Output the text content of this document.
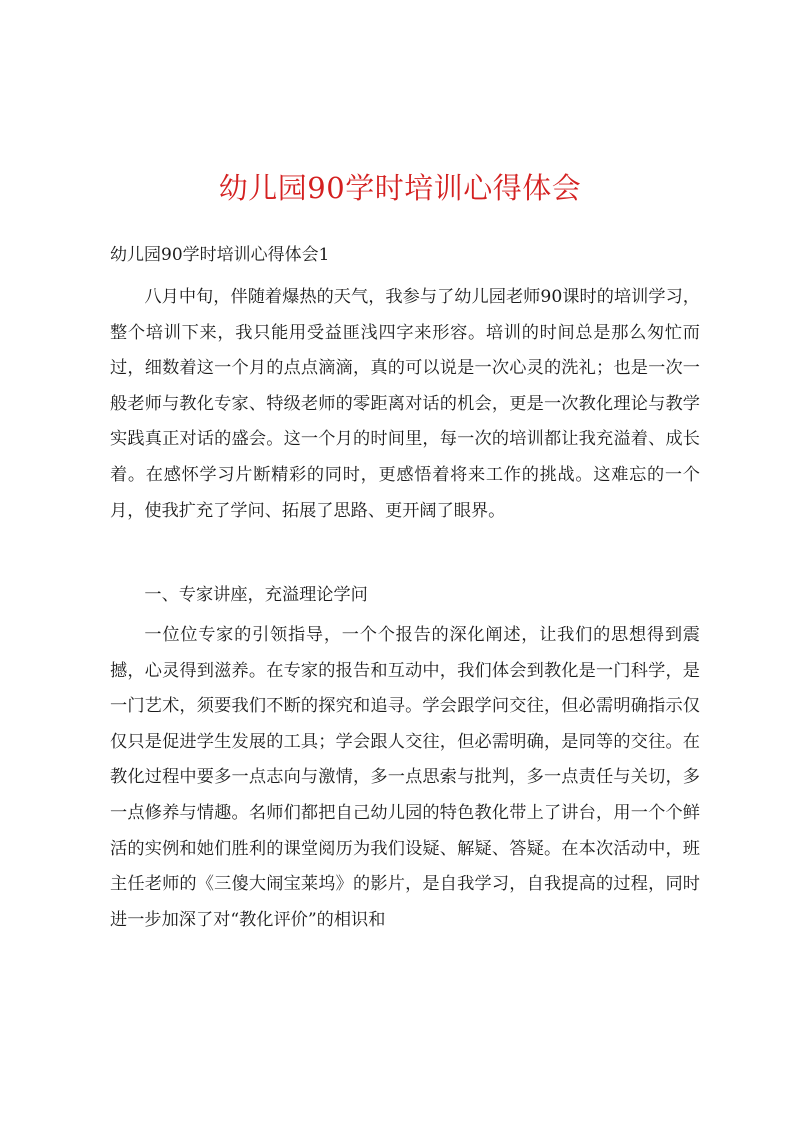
幼儿园90学时培训心得体会
幼儿园90学时培训心得体会1

八月中旬，伴随着爆热的天气，我参与了幼儿园老师90课时的培训学习，整个培训下来，我只能用受益匪浅四字来形容。培训的时间总是那么匆忙而过，细数着这一个月的点点滴滴，真的可以说是一次心灵的洗礼；也是一次一般老师与教化专家、特级老师的零距离对话的机会，更是一次教化理论与教学实践真正对话的盛会。这一个月的时间里，每一次的培训都让我充溢着、成长着。在感怀学习片断精彩的同时，更感悟着将来工作的挑战。这难忘的一个月，使我扩充了学问、拓展了思路、更开阔了眼界。

一、专家讲座，充溢理论学问

一位位专家的引领指导，一个个报告的深化阐述，让我们的思想得到震撼，心灵得到滋养。在专家的报告和互动中，我们体会到教化是一门科学，是一门艺术，须要我们不断的探究和追寻。学会跟学问交往，但必需明确指示仅仅只是促进学生发展的工具；学会跟人交往，但必需明确，是同等的交往。在教化过程中要多一点志向与激情，多一点思索与批判，多一点责任与关切，多一点修养与情趣。名师们都把自己幼儿园的特色教化带上了讲台，用一个个鲜活的实例和她们胜利的课堂阅历为我们设疑、解疑、答疑。在本次活动中，班主任老师的《三傻大闹宝莱坞》的影片，是自我学习，自我提高的过程，同时进一步加深了对“教化评价”的相识和
